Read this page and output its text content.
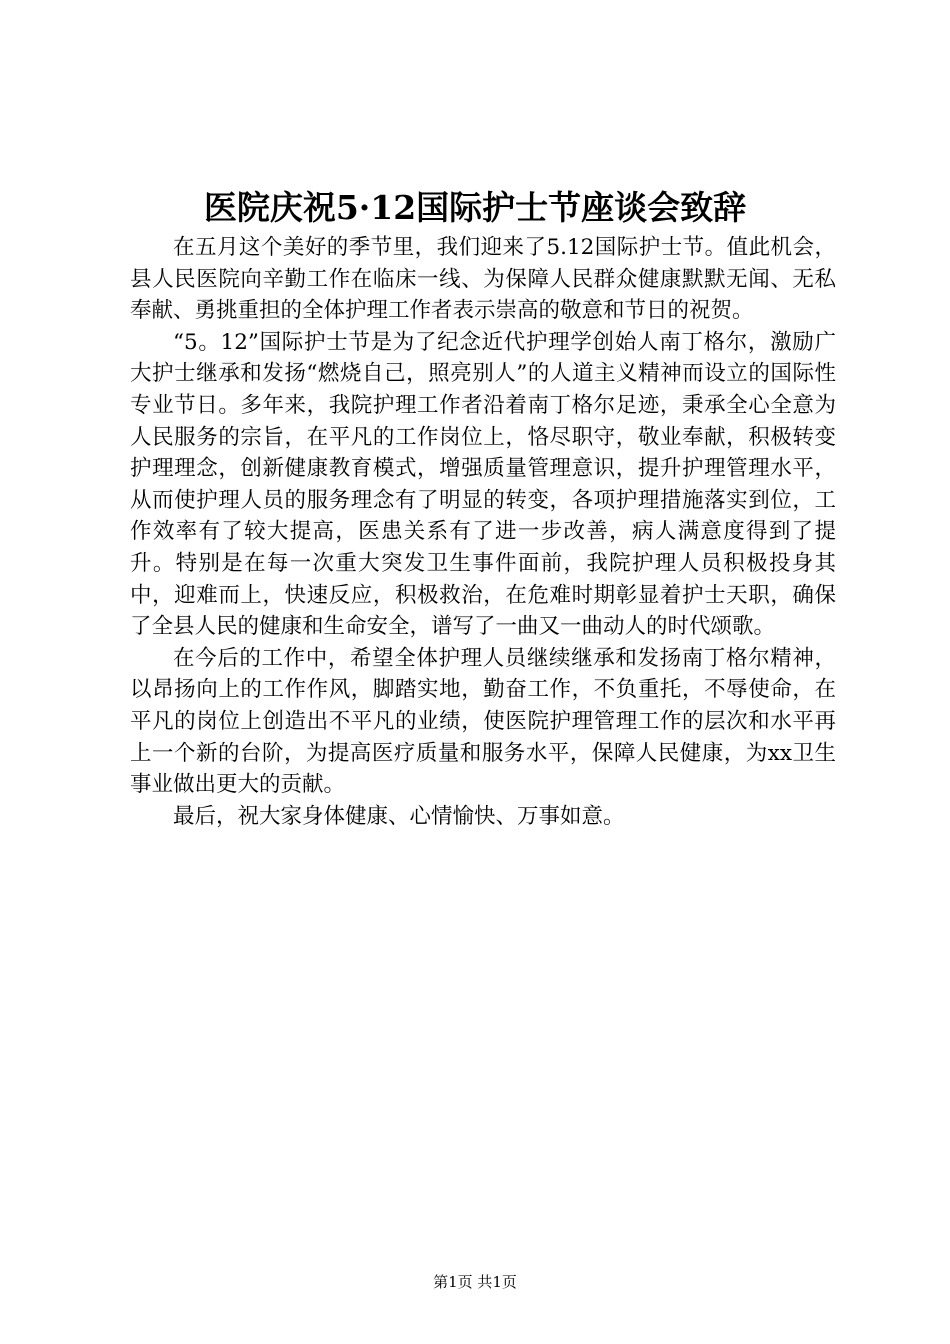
医院庆祝5·12国际护士节座谈会致辞

在五月这个美好的季节里，我们迎来了5.12国际护士节。值此机会，县人民医院向辛勤工作在临床一线、为保障人民群众健康默默无闻、无私奉献、勇挑重担的全体护理工作者表示崇高的敬意和节日的祝贺。

“5。12”国际护士节是为了纪念近代护理学创始人南丁格尔，激励广大护士继承和发扬“燃烧自己，照亮别人”的人道主义精神而设立的国际性专业节日。多年来，我院护理工作者沿着南丁格尔足迹，秉承全心全意为人民服务的宗旨，在平凡的工作岗位上，恪尽职守，敬业奉献，积极转变护理理念，创新健康教育模式，增强质量管理意识，提升护理管理水平，从而使护理人员的服务理念有了明显的转变，各项护理措施落实到位，工作效率有了较大提高，医患关系有了进一步改善，病人满意度得到了提升。特别是在每一次重大突发卫生事件面前，我院护理人员积极投身其中，迎难而上，快速反应，积极救治，在危难时期彰显着护士天职，确保了全县人民的健康和生命安全，谱写了一曲又一曲动人的时代颂歌。

在今后的工作中，希望全体护理人员继续继承和发扬南丁格尔精神，以昂扬向上的工作作风，脚踏实地，勤奋工作，不负重托，不辱使命，在平凡的岗位上创造出不平凡的业绩，使医院护理管理工作的层次和水平再上一个新的台阶，为提高医疗质量和服务水平，保障人民健康，为xx卫生事业做出更大的贡献。

最后，祝大家身体健康、心情愉快、万事如意。

第1页 共1页
